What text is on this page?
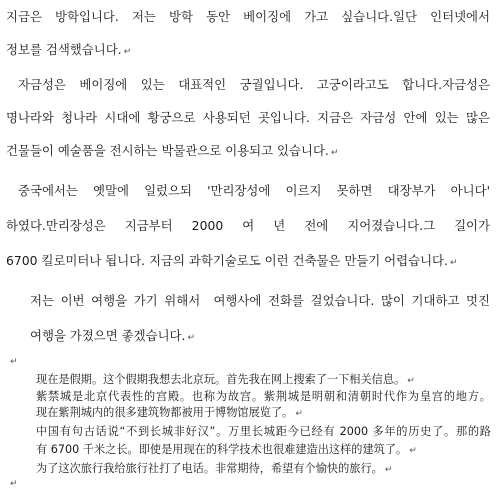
지금은  방학입니다.  저는  방학  동안  베이징에  가고  싶습니다.일단  인터넷에서
정보를 검색했습니다. ↵
자금성은  베이징에  있는  대표적인  궁궐입니다.  고궁이라고도  합니다.자금성은
명나라와 청나라 시대에 황궁으로 사용되던 곳입니다. 지금은 자금성 안에 있는 많은
건물들이 예술품을 전시하는 박물관으로 이용되고 있습니다. ↵
중국에서는  옛말에  일렀으되  '만리장성에  이르지  못하면  대장부가  아니다'
하였다.만리장성은   지금부터   2000   여   년   전에   지어졌습니다.그   길이가
6700 킬로미터나 됩니다. 지금의 과학기술로도 이런 건축물은 만들기 어렵습니다. ↵
저는 이번 여행을 가기 위해서  여행사에 전화를 걸었습니다. 많이 기대하고 멋진
여행을 가졌으면 좋겠습니다. ↵
↵
现在是假期。这个假期我想去北京玩。首先我在网上搜索了一下相关信息。 ↵
紫禁城是北京代表性的宫殿。也称为故宫。紫荆城是明朝和清朝时代作为皇宫的地方。
现在紫荆城内的很多建筑物都被用于博物馆展览了。 ↵
中国有句古话说“不到长城非好汉”。万里长城距今已经有 2000 多年的历史了。那的路
有 6700 千米之长。即使是用现在的科学技术也很难建造出这样的建筑了。 ↵
为了这次旅行我给旅行社打了电话。非常期待，希望有个愉快的旅行。 ↵
↵
